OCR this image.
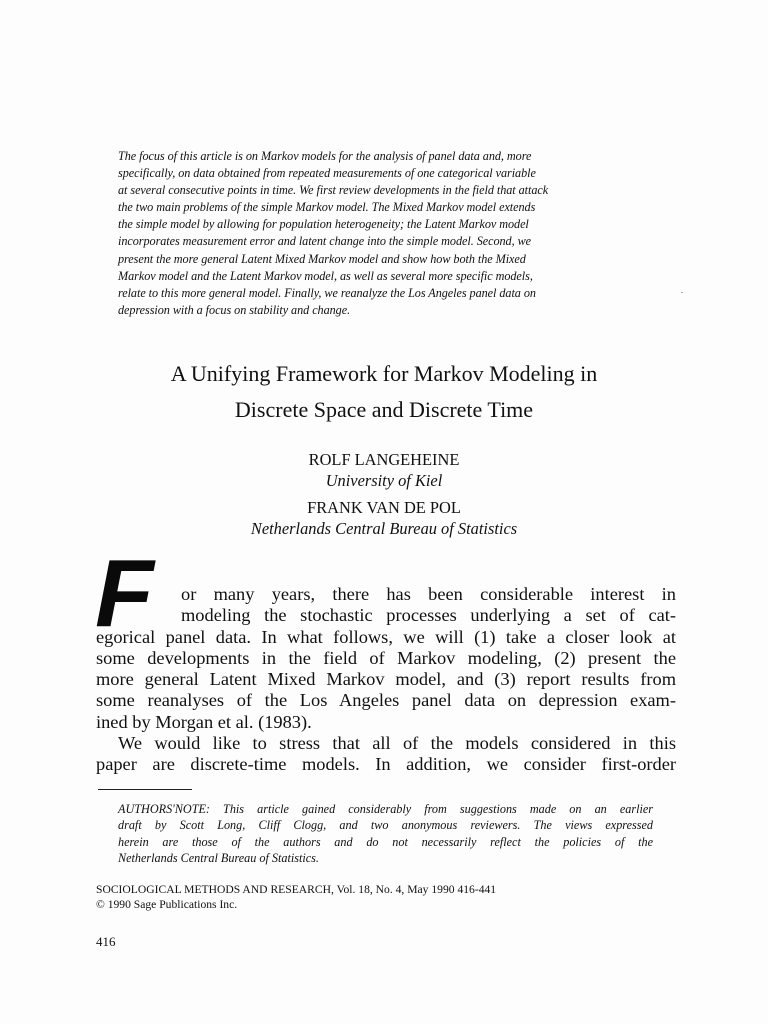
The focus of this article is on Markov models for the analysis of panel data and, more
specifically, on data obtained from repeated measurements of one categorical variable
at several consecutive points in time. We first review developments in the field that attack
the two main problems of the simple Markov model. The Mixed Markov model extends
the simple model by allowing for population heterogeneity; the Latent Markov model
incorporates measurement error and latent change into the simple model. Second, we
present the more general Latent Mixed Markov model and show how both the Mixed
Markov model and the Latent Markov model, as well as several more specific models,
relate to this more general model. Finally, we reanalyze the Los Angeles panel data on
depression with a focus on stability and change.
A Unifying Framework for Markov Modeling in
Discrete Space and Discrete Time
ROLF LANGEHEINE
University of Kiel
FRANK VAN DE POL
Netherlands Central Bureau of Statistics
F	or many years, there has been considerable interest in
modeling the stochastic processes underlying a set of cat-
egorical panel data. In what follows, we will (1) take a closer look at
some developments in the field of Markov modeling, (2) present the
more general Latent Mixed Markov model, and (3) report results from
some reanalyses of the Los Angeles panel data on depression exam-
ined by Morgan et al. (1983).
We would like to stress that all of the models considered in this
paper are discrete-time models. In addition, we consider first-order
AUTHORS'NOTE: This article gained considerably from suggestions made on an earlier
draft by Scott Long, Cliff Clogg, and two anonymous reviewers. The views expressed
herein are those of the authors and do not necessarily reflect the policies of the
Netherlands Central Bureau of Statistics.
SOCIOLOGICAL METHODS AND RESEARCH, Vol. 18, No. 4, May 1990 416-441
© 1990 Sage Publications Inc.
416
